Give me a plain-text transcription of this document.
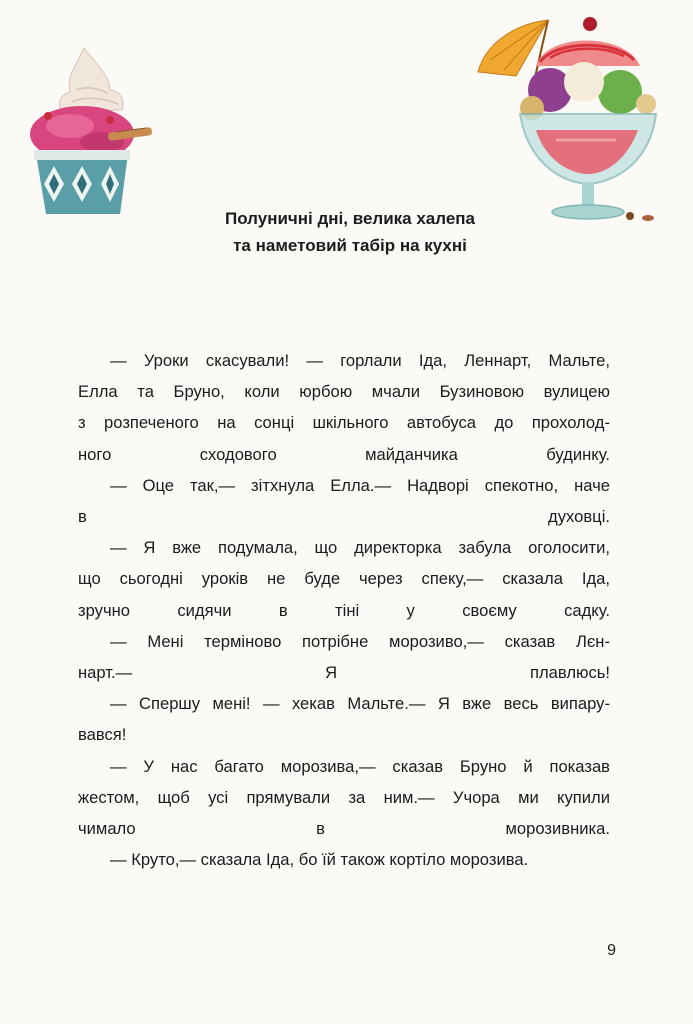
Полуничні дні, велика халепа
та наметовий табір на кухні

— Уроки скасували! — горлали Іда, Леннарт, Мальте,
Елла та Бруно, коли юрбою мчали Бузиновою вулицею
з розпеченого на сонці шкільного автобуса до прохолод-
ного сходового майданчика будинку.

— Оце так,— зітхнула Елла.— Надворі спекотно, наче
в духовці.

— Я вже подумала, що директорка забула оголосити,
що сьогодні уроків не буде через спеку,— сказала Іда,
зручно сидячи в тіні у своєму садку.

— Мені терміново потрібне морозиво,— сказав Лєн-
нарт.— Я плавлюсь!

— Спершу мені! — хекав Мальте.— Я вже весь випару-
вався!

— У нас багато морозива,— сказав Бруно й показав
жестом, щоб усі прямували за ним.— Учора ми купили
чимало в морозивника.

— Круто,— сказала Іда, бо їй також кортіло морозива.

9
